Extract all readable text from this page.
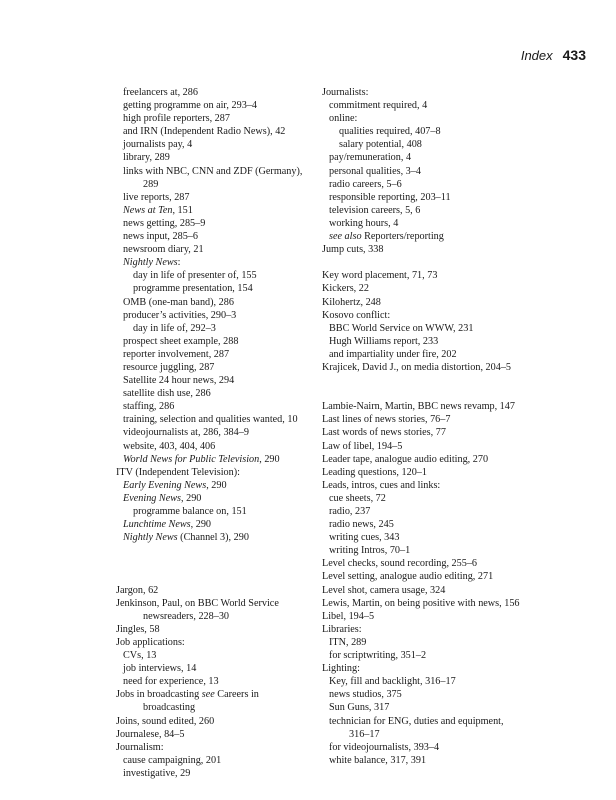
Index 433
freelancers at, 286
getting programme on air, 293–4
high profile reporters, 287
and IRN (Independent Radio News), 42
journalists pay, 4
library, 289
links with NBC, CNN and ZDF (Germany),
289
live reports, 287
News at Ten, 151
news getting, 285–9
news input, 285–6
newsroom diary, 21
Nightly News:
day in life of presenter of, 155
programme presentation, 154
OMB (one-man band), 286
producer’s activities, 290–3
day in life of, 292–3
prospect sheet example, 288
reporter involvement, 287
resource juggling, 287
Satellite 24 hour news, 294
satellite dish use, 286
staffing, 286
training, selection and qualities wanted, 10
videojournalists at, 286, 384–9
website, 403, 404, 406
World News for Public Television, 290
ITV (Independent Television):
Early Evening News, 290
Evening News, 290
programme balance on, 151
Lunchtime News, 290
Nightly News (Channel 3), 290
Jargon, 62
Jenkinson, Paul, on BBC World Service
newsreaders, 228–30
Jingles, 58
Job applications:
CVs, 13
job interviews, 14
need for experience, 13
Jobs in broadcasting see Careers in
broadcasting
Joins, sound edited, 260
Journalese, 84–5
Journalism:
cause campaigning, 201
investigative, 29
Journalists:
commitment required, 4
online:
qualities required, 407–8
salary potential, 408
pay/remuneration, 4
personal qualities, 3–4
radio careers, 5–6
responsible reporting, 203–11
television careers, 5, 6
working hours, 4
see also Reporters/reporting
Jump cuts, 338
Key word placement, 71, 73
Kickers, 22
Kilohertz, 248
Kosovo conflict:
BBC World Service on WWW, 231
Hugh Williams report, 233
and impartiality under fire, 202
Krajicek, David J., on media distortion, 204–5
Lambie-Nairn, Martin, BBC news revamp, 147
Last lines of news stories, 76–7
Last words of news stories, 77
Law of libel, 194–5
Leader tape, analogue audio editing, 270
Leading questions, 120–1
Leads, intros, cues and links:
cue sheets, 72
radio, 237
radio news, 245
writing cues, 343
writing Intros, 70–1
Level checks, sound recording, 255–6
Level setting, analogue audio editing, 271
Level shot, camera usage, 324
Lewis, Martin, on being positive with news, 156
Libel, 194–5
Libraries:
ITN, 289
for scriptwriting, 351–2
Lighting:
Key, fill and backlight, 316–17
news studios, 375
Sun Guns, 317
technician for ENG, duties and equipment,
316–17
for videojournalists, 393–4
white balance, 317, 391
